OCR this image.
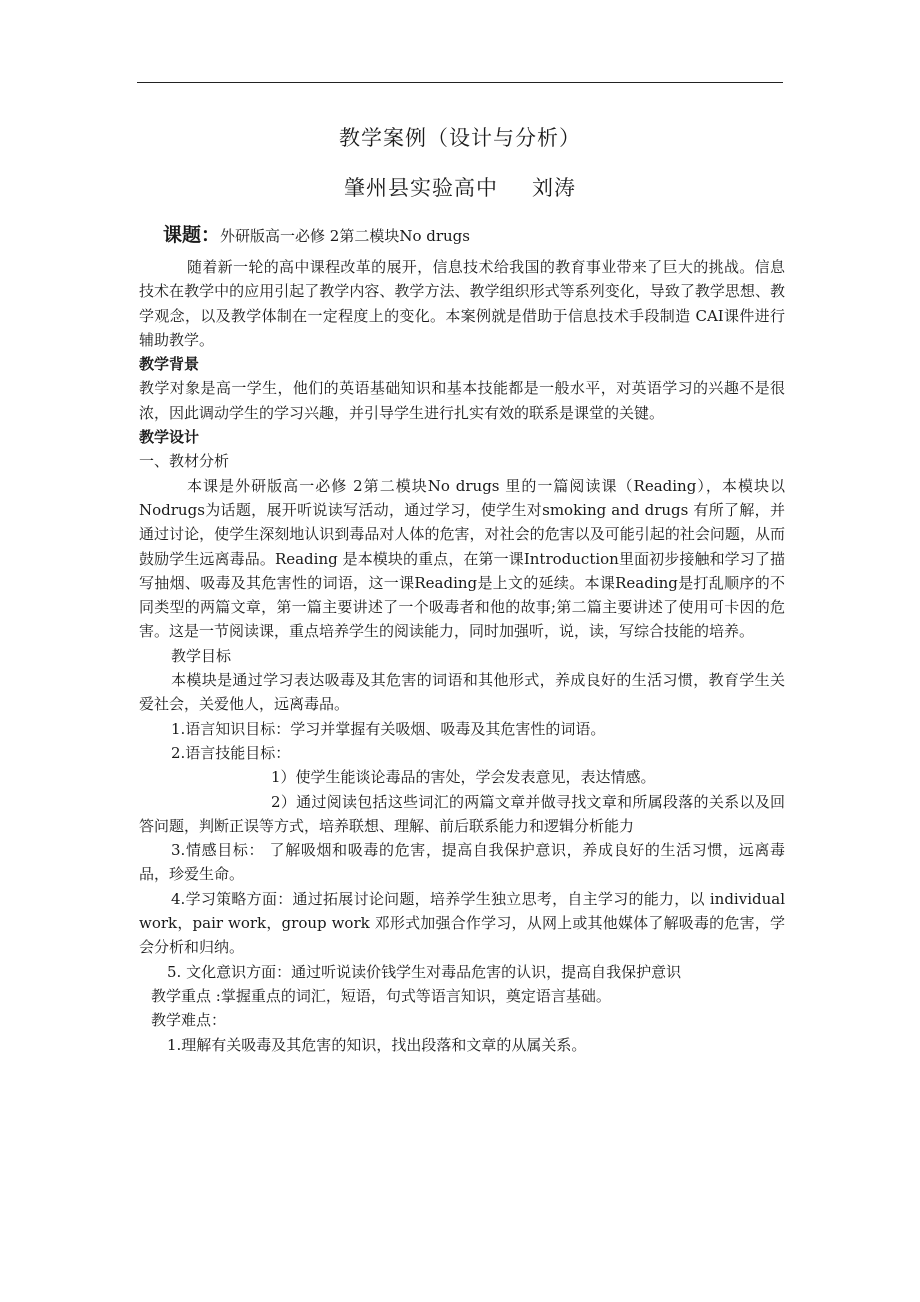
教学案例（设计与分析）
肇州县实验高中 刘涛
课题：外研版高一必修 2第二模块No drugs

随着新一轮的高中课程改革的展开，信息技术给我国的教育事业带来了巨大的挑战。信息技术在教学中的应用引起了教学内容、教学方法、教学组织形式等系列变化，导致了教学思想、教学观念，以及教学体制在一定程度上的变化。本案例就是借助于信息技术手段制造 CAI课件进行辅助教学。

教学背景

教学对象是高一学生，他们的英语基础知识和基本技能都是一般水平，对英语学习的兴趣不是很浓，因此调动学生的学习兴趣，并引导学生进行扎实有效的联系是课堂的关键。

教学设计

一、教材分析

本课是外研版高一必修 2第二模块No drugs 里的一篇阅读课（Reading），本模块以Nodrugs为话题，展开听说读写活动，通过学习，使学生对smoking and drugs 有所了解，并通过讨论，使学生深刻地认识到毒品对人体的危害，对社会的危害以及可能引起的社会问题，从而鼓励学生远离毒品。Reading 是本模块的重点，在第一课Introduction里面初步接触和学习了描写抽烟、吸毒及其危害性的词语，这一课Reading是上文的延续。本课Reading是打乱顺序的不同类型的两篇文章，第一篇主要讲述了一个吸毒者和他的故事;第二篇主要讲述了使用可卡因的危害。这是一节阅读课，重点培养学生的阅读能力，同时加强听，说，读，写综合技能的培养。

教学目标

本模块是通过学习表达吸毒及其危害的词语和其他形式，养成良好的生活习惯，教育学生关爱社会，关爱他人，远离毒品。

1.语言知识目标：学习并掌握有关吸烟、吸毒及其危害性的词语。

2.语言技能目标：

1）使学生能谈论毒品的害处，学会发表意见，表达情感。

2）通过阅读包括这些词汇的两篇文章并做寻找文章和所属段落的关系以及回答问题，判断正误等方式，培养联想、理解、前后联系能力和逻辑分析能力

3.情感目标： 了解吸烟和吸毒的危害，提高自我保护意识，养成良好的生活习惯，远离毒品，珍爱生命。

4.学习策略方面：通过拓展讨论问题，培养学生独立思考，自主学习的能力，以 individual work，pair work，group work 邓形式加强合作学习，从网上或其他媒体了解吸毒的危害，学会分析和归纳。

5. 文化意识方面：通过听说读价钱学生对毒品危害的认识，提高自我保护意识

教学重点 :掌握重点的词汇，短语，句式等语言知识，奠定语言基础。

教学难点：

1.理解有关吸毒及其危害的知识，找出段落和文章的从属关系。
